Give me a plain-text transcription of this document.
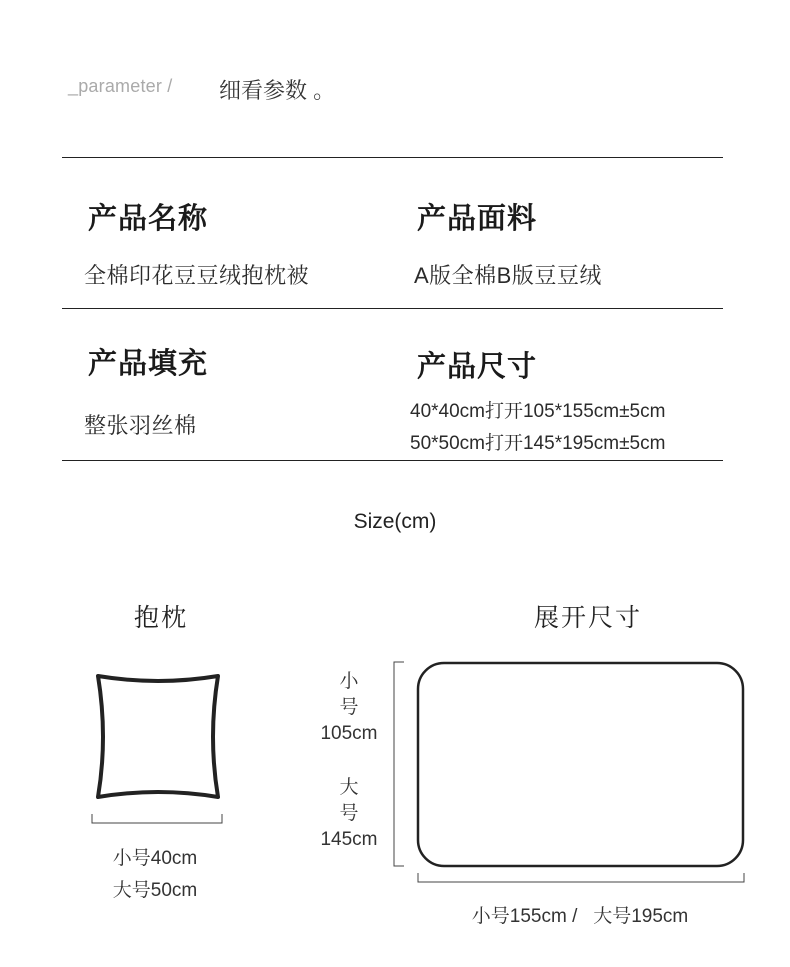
_parameter / 细看参数 。
产品名称
全棉印花豆豆绒抱枕被
产品面料
A版全棉B版豆豆绒
产品填充
整张羽丝棉
产品尺寸
40*40cm打开105*155cm±5cm
50*50cm打开145*195cm±5cm
Size(cm)
抱枕	展开尺寸
小号40cm
大号50cm
小
号
105cm
大
号
145cm
小号155cm /   大号195cm
